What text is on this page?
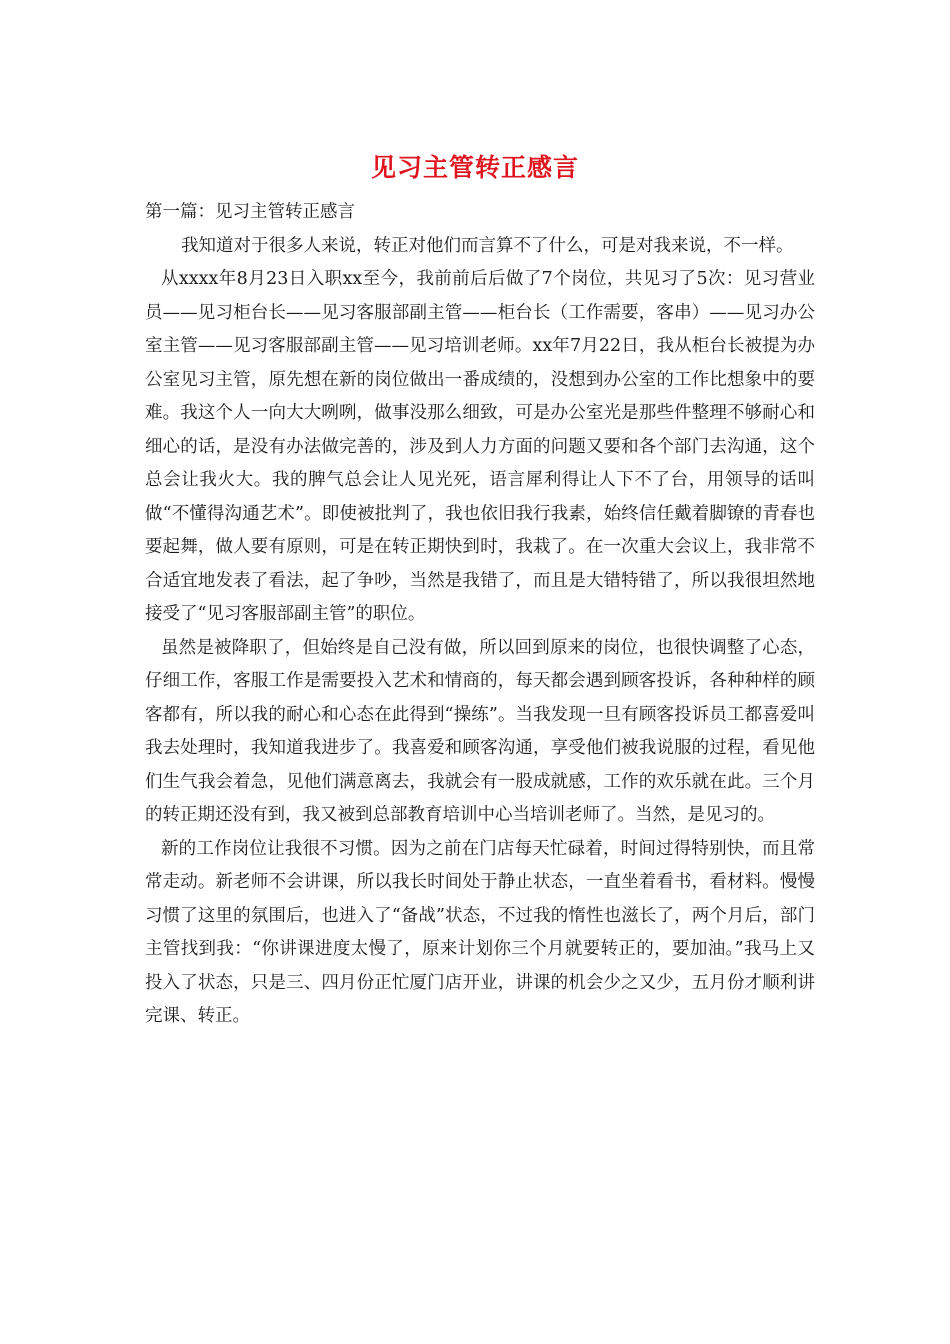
见习主管转正感言

第一篇：见习主管转正感言

我知道对于很多人来说，转正对他们而言算不了什么，可是对我来说，不一样。

从xxxx年8月23日入职xx至今，我前前后后做了7个岗位，共见习了5次：见习营业员——见习柜台长——见习客服部副主管——柜台长（工作需要，客串）——见习办公室主管——见习客服部副主管——见习培训老师。xx年7月22日，我从柜台长被提为办公室见习主管，原先想在新的岗位做出一番成绩的，没想到办公室的工作比想象中的要难。我这个人一向大大咧咧，做事没那么细致，可是办公室光是那些件整理不够耐心和细心的话，是没有办法做完善的，涉及到人力方面的问题又要和各个部门去沟通，这个总会让我火大。我的脾气总会让人见光死，语言犀利得让人下不了台，用领导的话叫做“不懂得沟通艺术”。即使被批判了，我也依旧我行我素，始终信任戴着脚镣的青春也要起舞，做人要有原则，可是在转正期快到时，我栽了。在一次重大会议上，我非常不合适宜地发表了看法，起了争吵，当然是我错了，而且是大错特错了，所以我很坦然地接受了“见习客服部副主管”的职位。

虽然是被降职了，但始终是自己没有做，所以回到原来的岗位，也很快调整了心态，仔细工作，客服工作是需要投入艺术和情商的，每天都会遇到顾客投诉，各种种样的顾客都有，所以我的耐心和心态在此得到“操练”。当我发现一旦有顾客投诉员工都喜爱叫我去处理时，我知道我进步了。我喜爱和顾客沟通，享受他们被我说服的过程，看见他们生气我会着急，见他们满意离去，我就会有一股成就感，工作的欢乐就在此。三个月的转正期还没有到，我又被到总部教育培训中心当培训老师了。当然，是见习的。

新的工作岗位让我很不习惯。因为之前在门店每天忙碌着，时间过得特别快，而且常常走动。新老师不会讲课，所以我长时间处于静止状态，一直坐着看书，看材料。慢慢习惯了这里的氛围后，也进入了“备战”状态，不过我的惰性也滋长了，两个月后，部门主管找到我：“你讲课进度太慢了，原来计划你三个月就要转正的，要加油。”我马上又投入了状态，只是三、四月份正忙厦门店开业，讲课的机会少之又少，五月份才顺利讲完课、转正。
